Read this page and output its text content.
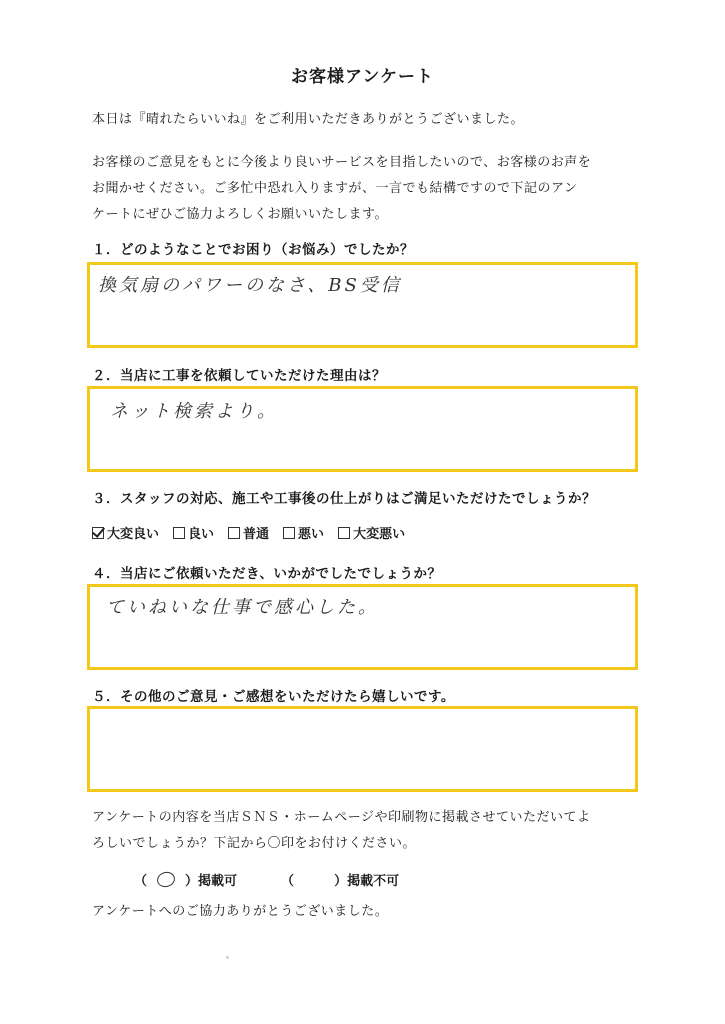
お客様アンケート
本日は『晴れたらいいね』をご利用いただきありがとうございました。
お客様のご意見をもとに今後より良いサービスを目指したいので、お客様のお声を
お聞かせください。ご多忙中恐れ入りますが、一言でも結構ですので下記のアン
ケートにぜひご協力よろしくお願いいたします。
１．どのようなことでお困り（お悩み）でしたか？
換気扇のパワーのなさ、BS受信
２．当店に工事を依頼していただけた理由は？
ネット検索より。
３．スタッフの対応、施工や工事後の仕上がりはご満足いただけたでしょうか？
大変良い 良い 普通 悪い 大変悪い
４．当店にご依頼いただき、いかがでしたでしょうか？
ていねいな仕事で感心した。
５．その他のご意見・ご感想をいただけたら嬉しいです。
アンケートの内容を当店ＳＮＳ・ホームページや印刷物に掲載させていただいてよ
ろしいでしょうか？下記から〇印をお付けください。
（	） 掲載可	（	） 掲載不可
アンケートへのご協力ありがとうございました。
